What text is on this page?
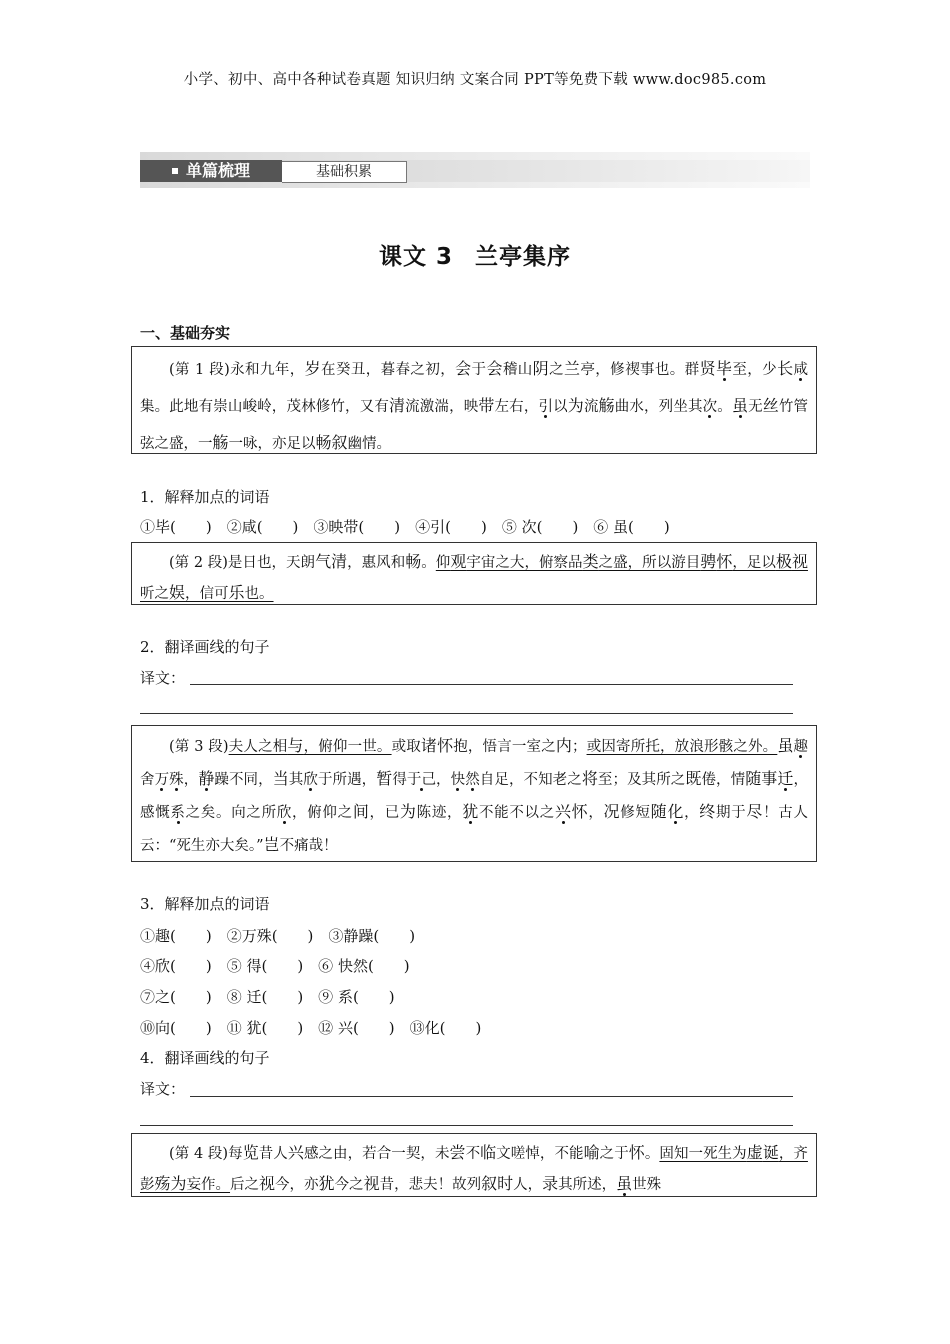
小学、初中、高中各种试卷真题 知识归纳 文案合同 PPT等免费下载 www.doc985.com
单篇梳理	基础积累
课文 3 兰亭集序
一、基础夯实

(第 1 段)永和九年，岁在癸丑，暮春之初，会于会稽山阴之兰亭，修禊事也。群贤毕至，少长咸集。此地有崇山峻岭，茂林修竹，又有清流激湍，映带左右，引以为流觞曲水，列坐其次。虽无丝竹管弦之盛，一觞一咏，亦足以畅叙幽情。

1．解释加点的词语
①毕(　　)　②咸(　　)　③映带(　　)　④引(　　)　⑤ 次(　　)　⑥ 虽(　　)

(第 2 段)是日也，天朗气清，惠风和畅。仰观宇宙之大，俯察品类之盛，所以游目骋怀，足以极视听之娱，信可乐也。

2．翻译画线的句子
译文：

(第 3 段)夫人之相与，俯仰一世。或取诸怀抱，悟言一室之内；或因寄所托，放浪形骸之外。虽趣舍万殊，静躁不同，当其欣于所遇，暂得于己，快然自足，不知老之将至；及其所之既倦，情随事迁，感慨系之矣。向之所欣，俯仰之间，已为陈迹，犹不能不以之兴怀，况修短随化，终期于尽！古人云：“死生亦大矣。”岂不痛哉！

3．解释加点的词语
①趣(　　)　②万殊(　　)　③静躁(　　)
④欣(　　)　⑤ 得(　　)　⑥ 快然(　　)
⑦之(　　)　⑧ 迁(　　)　⑨ 系(　　)
⑩向(　　)　⑪ 犹(　　)　⑫ 兴(　　)　⑬化(　　)
4．翻译画线的句子
译文：

(第 4 段)每览昔人兴感之由，若合一契，未尝不临文嗟悼，不能喻之于怀。固知一死生为虚诞，齐彭殇为妄作。后之视今，亦犹今之视昔，悲夫！故列叙时人，录其所述，虽世殊
